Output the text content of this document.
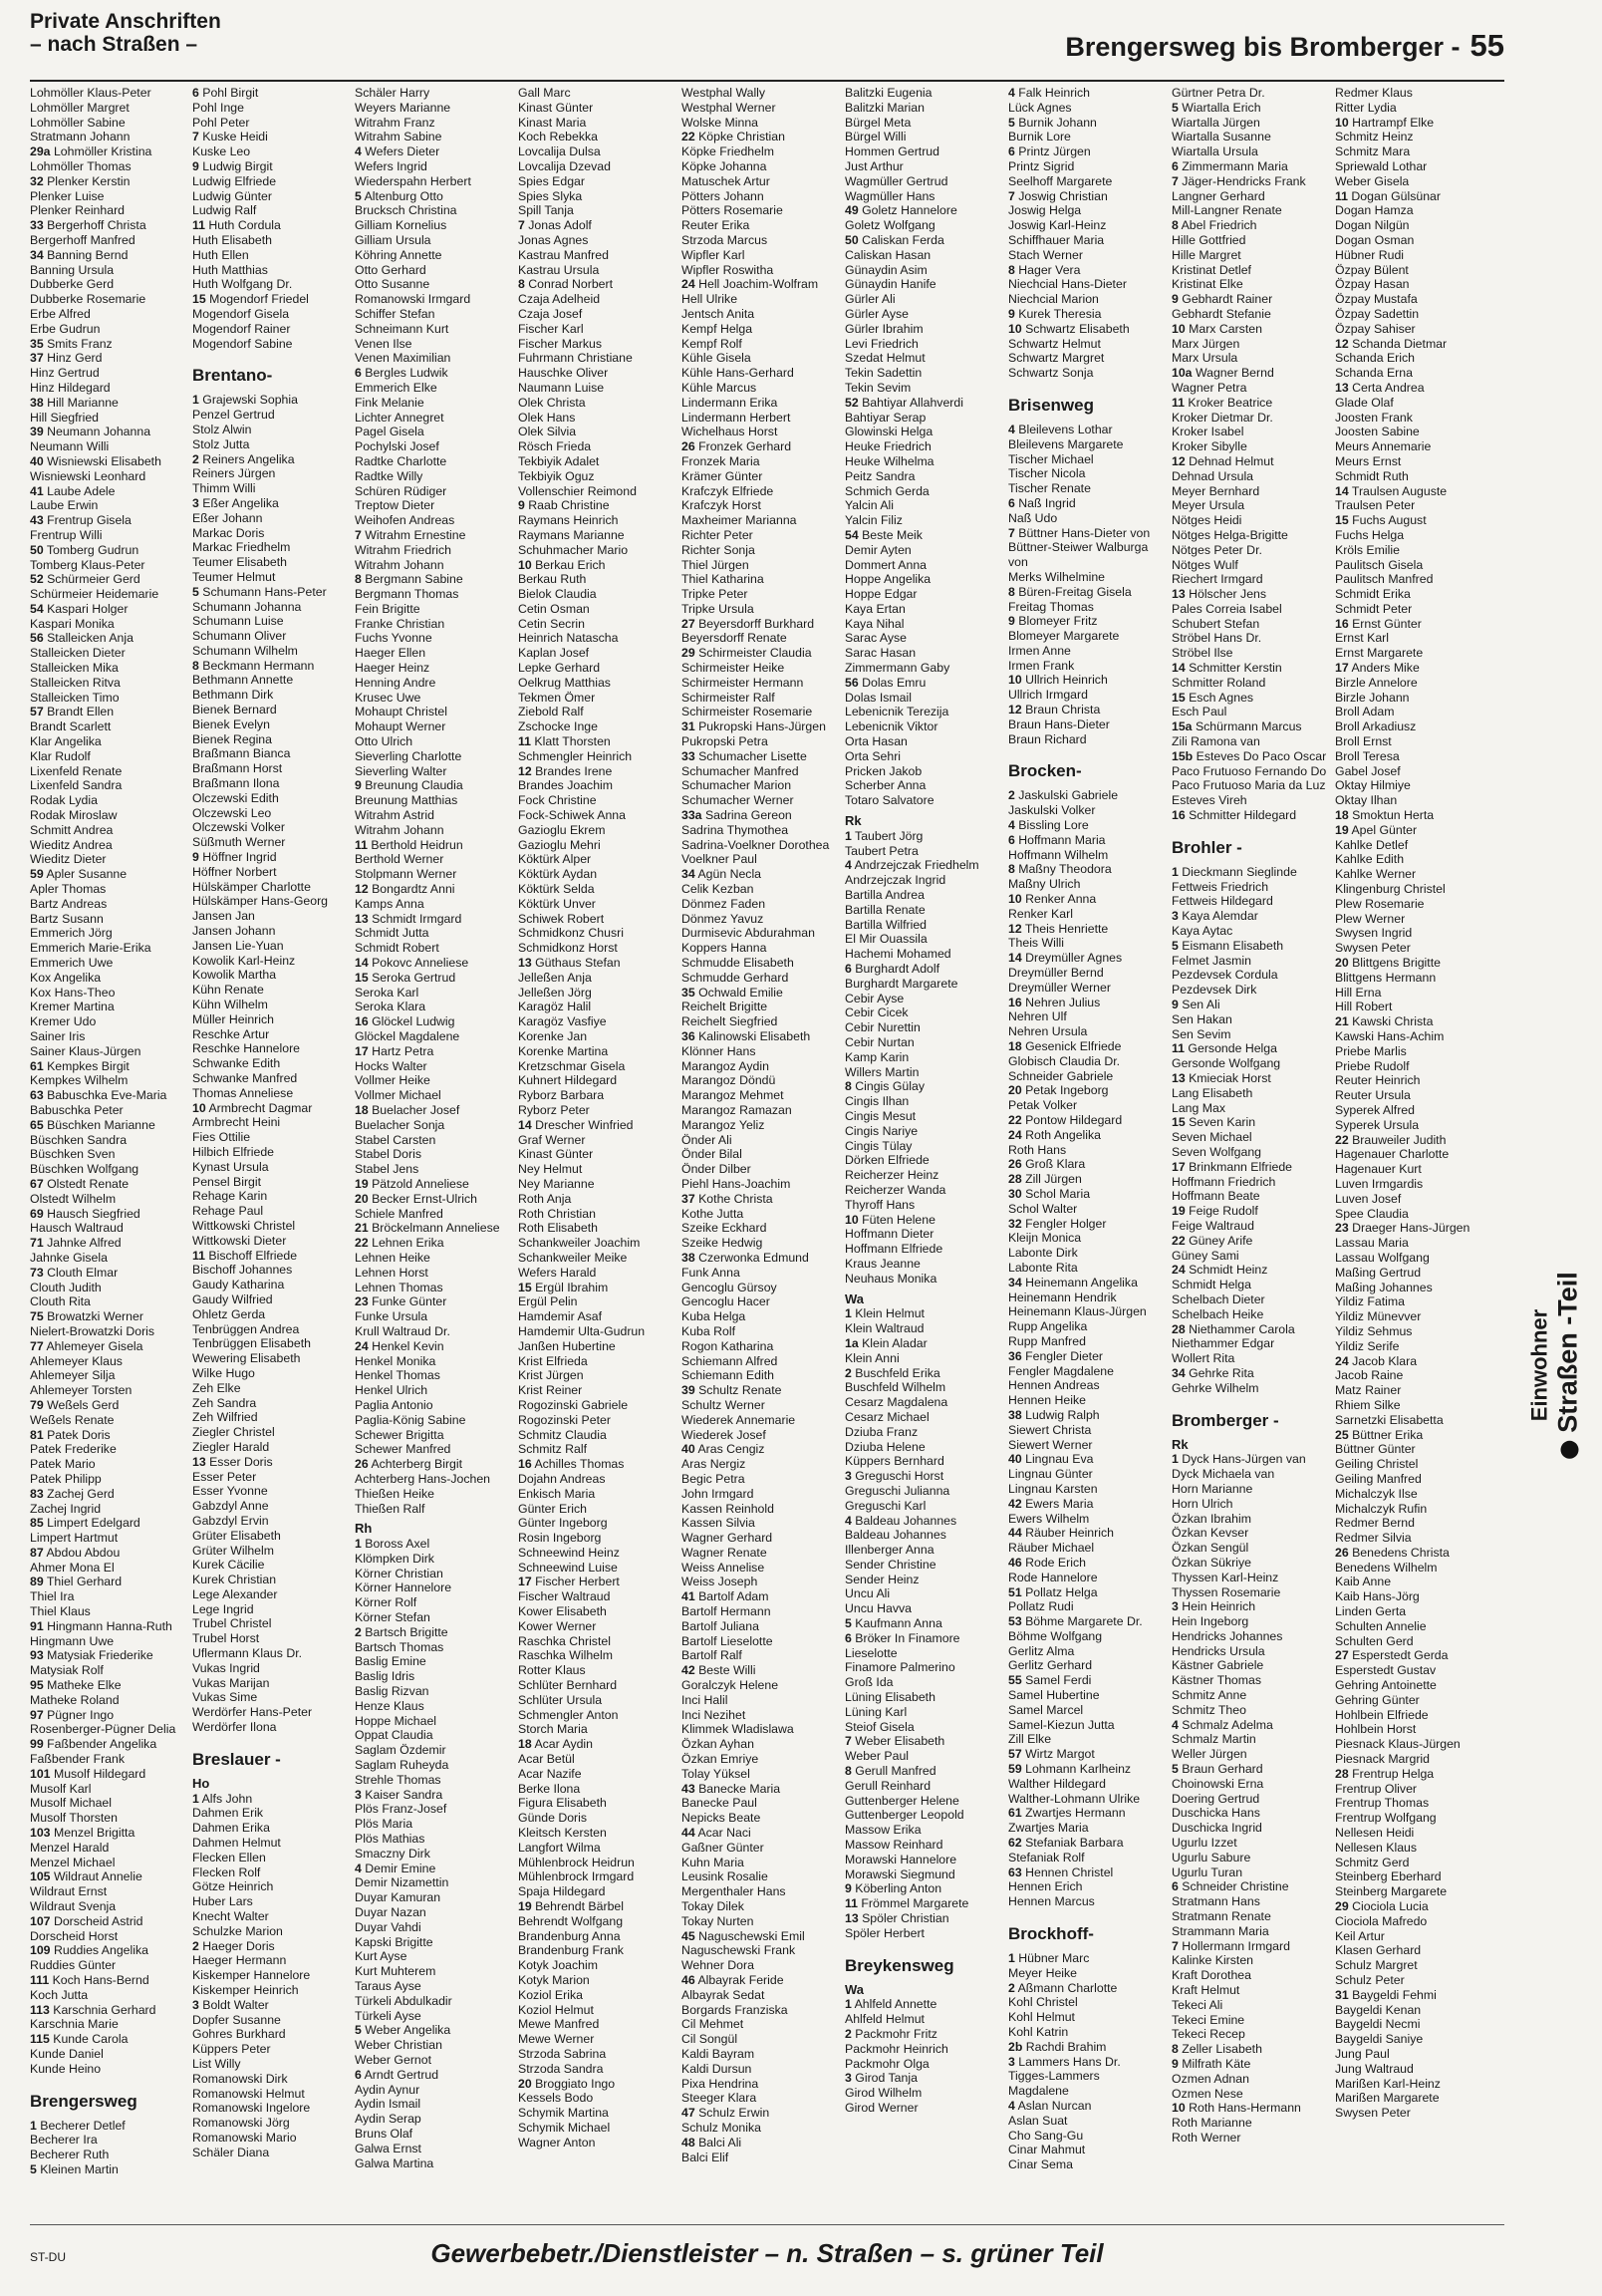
Private Anschriften
– nach Straßen –	Brengersweg bis Bromberger - 55
Lohmöller Klaus-Peter
Lohmöller Margret
Lohmöller Sabine
Stratmann Johann
29a Lohmöller Kristina
Lohmöller Thomas
32 Plenker Kerstin
Plenker Luise
Plenker Reinhard
33 Bergerhoff Christa
Bergerhoff Manfred
34 Banning Bernd
Banning Ursula
Dubberke Gerd
Dubberke Rosemarie
Erbe Alfred
Erbe Gudrun
35 Smits Franz
37 Hinz Gerd
Hinz Gertrud
Hinz Hildegard
38 Hill Marianne
Hill Siegfried
39 Neumann Johanna
Neumann Willi
40 Wisniewski Elisabeth
Wisniewski Leonhard
41 Laube Adele
Laube Erwin
43 Frentrup Gisela
Frentrup Willi
50 Tomberg Gudrun
Tomberg Klaus-Peter
52 Schürmeier Gerd
Schürmeier Heidemarie
54 Kaspari Holger
Kaspari Monika
56 Stalleicken Anja
Stalleicken Dieter
Stalleicken Mika
Stalleicken Ritva
Stalleicken Timo
57 Brandt Ellen
Brandt Scarlett
Klar Angelika
Klar Rudolf
Lixenfeld Renate
Lixenfeld Sandra
Rodak Lydia
Rodak Miroslaw
Schmitt Andrea
Wieditz Andrea
Wieditz Dieter
59 Apler Susanne
Apler Thomas
Bartz Andreas
Bartz Susann
Emmerich Jörg
Emmerich Marie-Erika
Emmerich Uwe
Kox Angelika
Kox Hans-Theo
Kremer Martina
Kremer Udo
Sainer Iris
Sainer Klaus-Jürgen
61 Kempkes Birgit
Kempkes Wilhelm
63 Babuschka Eve-Maria
Babuschka Peter
65 Büschken Marianne
Büschken Sandra
Büschken Sven
Büschken Wolfgang
67 Olstedt Renate
Olstedt Wilhelm
69 Hausch Siegfried
Hausch Waltraud
71 Jahnke Alfred
Jahnke Gisela
73 Clouth Elmar
Clouth Judith
Clouth Rita
75 Browatzki Werner
Nielert-Browatzki Doris
77 Ahlemeyer Gisela
Ahlemeyer Klaus
Ahlemeyer Silja
Ahlemeyer Torsten
79 Weßels Gerd
Weßels Renate
81 Patek Doris
Patek Frederike
Patek Mario
Patek Philipp
83 Zachej Gerd
Zachej Ingrid
85 Limpert Edelgard
Limpert Hartmut
87 Abdou Abdou
Ahmer Mona El
89 Thiel Gerhard
Thiel Ira
Thiel Klaus
91 Hingmann Hanna-Ruth
Hingmann Uwe
93 Matysiak Friederike
Matysiak Rolf
95 Matheke Elke
Matheke Roland
97 Pügner Ingo
Rosenberger-Pügner Delia
99 Faßbender Angelika
Faßbender Frank
101 Musolf Hildegard
Musolf Karl
Musolf Michael
Musolf Thorsten
103 Menzel Brigitta
Menzel Harald
Menzel Michael
105 Wildraut Annelie
Wildraut Ernst
Wildraut Svenja
107 Dorscheid Astrid
Dorscheid Horst
109 Ruddies Angelika
Ruddies Günter
111 Koch Hans-Bernd
Koch Jutta
113 Karschnia Gerhard
Karschnia Marie
115 Kunde Carola
Kunde Daniel
Kunde Heino
Brengersweg
1 Becherer Detlef
Becherer Ira
Becherer Ruth
5 Kleinen Martin
6 Pohl Birgit
Pohl Inge
Pohl Peter
7 Kuske Heidi
Kuske Leo
9 Ludwig Birgit
Ludwig Elfriede
Ludwig Günter
Ludwig Ralf
11 Huth Cordula
Huth Elisabeth
Huth Ellen
Huth Matthias
Huth Wolfgang Dr.
15 Mogendorf Friedel
Mogendorf Gisela
Mogendorf Rainer
Mogendorf Sabine
Brentano-
1 Grajewski Sophia
Penzel Gertrud
Stolz Alwin
Stolz Jutta
2 Reiners Angelika
Reiners Jürgen
Thimm Willi
3 Eßer Angelika
Eßer Johann
Markac Doris
Markac Friedhelm
Teumer Elisabeth
Teumer Helmut
5 Schumann Hans-Peter
Schumann Johanna
Schumann Luise
Schumann Oliver
Schumann Wilhelm
8 Beckmann Hermann
Bethmann Annette
Bethmann Dirk
Bienek Bernard
Bienek Evelyn
Bienek Regina
Braßmann Bianca
Braßmann Horst
Braßmann Ilona
Olczewski Edith
Olczewski Leo
Olczewski Volker
Süßmuth Werner
9 Höffner Ingrid
Höffner Norbert
Hülskämper Charlotte
Hülskämper Hans-Georg
Jansen Jan
Jansen Johann
Jansen Lie-Yuan
Kowolik Karl-Heinz
Kowolik Martha
Kühn Renate
Kühn Wilhelm
Müller Heinrich
Reschke Artur
Reschke Hannelore
Schwanke Edith
Schwanke Manfred
Thomas Anneliese
10 Armbrecht Dagmar
Armbrecht Heini
Fies Ottilie
Hilbich Elfriede
Kynast Ursula
Pensel Birgit
Rehage Karin
Rehage Paul
Wittkowski Christel
Wittkowski Dieter
11 Bischoff Elfriede
Bischoff Johannes
Gaudy Katharina
Gaudy Wilfried
Ohletz Gerda
Tenbrüggen Andrea
Tenbrüggen Elisabeth
Wewering Elisabeth
Wilke Hugo
Zeh Elke
Zeh Sandra
Zeh Wilfried
Ziegler Christel
Ziegler Harald
13 Esser Doris
Esser Peter
Esser Yvonne
Gabzdyl Anne
Gabzdyl Ervin
Grüter Elisabeth
Grüter Wilhelm
Kurek Cäcilie
Kurek Christian
Lege Alexander
Lege Ingrid
Trubel Christel
Trubel Horst
Uflermann Klaus Dr.
Vukas Ingrid
Vukas Marijan
Vukas Sime
Werdörfer Hans-Peter
Werdörfer Ilona
Breslauer -
Ho
1 Alfs John
Dahmen Erik
Dahmen Erika
Dahmen Helmut
Flecken Ellen
Flecken Rolf
Götze Heinrich
Huber Lars
Knecht Walter
Schulzke Marion
2 Haeger Doris
Haeger Hermann
Kiskemper Hannelore
Kiskemper Heinrich
3 Boldt Walter
Dopfer Susanne
Gohres Burkhard
Küppers Peter
List Willy
Romanowski Dirk
Romanowski Helmut
Romanowski Ingelore
Romanowski Jörg
Romanowski Mario
Schäler Diana
Schäler Harry
Weyers Marianne
Witrahm Franz
Witrahm Sabine
4 Wefers Dieter
Wefers Ingrid
Wiederspahn Herbert
5 Altenburg Otto
Brucksch Christina
Gilliam Kornelius
Gilliam Ursula
Köhring Annette
Otto Gerhard
Otto Susanne
Romanowski Irmgard
Schiffer Stefan
Schneimann Kurt
Venen Ilse
Venen Maximilian
6 Bergles Ludwik
Emmerich Elke
Fink Melanie
Lichter Annegret
Pagel Gisela
Pochylski Josef
Radtke Charlotte
Radtke Willy
Schüren Rüdiger
Treptow Dieter
Weihofen Andreas
7 Witrahm Ernestine
Witrahm Friedrich
Witrahm Johann
8 Bergmann Sabine
Bergmann Thomas
Fein Brigitte
Franke Christian
Fuchs Yvonne
Haeger Ellen
Haeger Heinz
Henning Andre
Krusec Uwe
Mohaupt Christel
Mohaupt Werner
Otto Ulrich
Sieverling Charlotte
Sieverling Walter
9 Breunung Claudia
Breunung Matthias
Witrahm Astrid
Witrahm Johann
11 Berthold Heidrun
Berthold Werner
Stolpmann Werner
12 Bongardtz Anni
Kamps Anna
13 Schmidt Irmgard
Schmidt Jutta
Schmidt Robert
14 Pokovc Anneliese
15 Seroka Gertrud
Seroka Karl
Seroka Klara
16 Glöckel Ludwig
Glöckel Magdalene
17 Hartz Petra
Hocks Walter
Vollmer Heike
Vollmer Michael
18 Buelacher Josef
Buelacher Sonja
Stabel Carsten
Stabel Doris
Stabel Jens
19 Pätzold Anneliese
20 Becker Ernst-Ulrich
Schiele Manfred
21 Bröckelmann Anneliese
22 Lehnen Erika
Lehnen Heike
Lehnen Horst
Lehnen Thomas
23 Funke Günter
Funke Ursula
Krull Waltraud Dr.
24 Henkel Kevin
Henkel Monika
Henkel Thomas
Henkel Ulrich
Paglia Antonio
Paglia-König Sabine
Schewer Brigitta
Schewer Manfred
26 Achterberg Birgit
Achterberg Hans-Jochen
Thießen Heike
Thießen Ralf
Rh
1 Boross Axel
Klömpken Dirk
Körner Christian
Körner Hannelore
Körner Rolf
Körner Stefan
2 Bartsch Brigitte
Bartsch Thomas
Baslig Emine
Baslig Idris
Baslig Rizvan
Henze Klaus
Hoppe Michael
Oppat Claudia
Saglam Özdemir
Saglam Ruheyda
Strehle Thomas
3 Kaiser Sandra
Plös Franz-Josef
Plös Maria
Plös Mathias
Smaczny Dirk
4 Demir Emine
Demir Nizamettin
Duyar Kamuran
Duyar Nazan
Duyar Vahdi
Kapski Brigitte
Kurt Ayse
Kurt Muhterem
Taraus Ayse
Türkeli Abdulkadir
Türkeli Ayse
5 Weber Angelika
Weber Christian
Weber Gernot
6 Arndt Gertrud
Aydin Aynur
Aydin Ismail
Aydin Serap
Bruns Olaf
Galwa Ernst
Galwa Martina
Gall Marc
Kinast Günter
Kinast Maria
Koch Rebekka
Lovcalija Dulsa
Lovcalija Dzevad
Spies Edgar
Spies Slyka
Spill Tanja
7 Jonas Adolf
Jonas Agnes
Kastrau Manfred
Kastrau Ursula
8 Conrad Norbert
Czaja Adelheid
Czaja Josef
Fischer Karl
Fischer Markus
Fuhrmann Christiane
Hauschke Oliver
Naumann Luise
Olek Christa
Olek Hans
Olek Silvia
Rösch Frieda
Tekbiyik Adalet
Tekbiyik Oguz
Vollenschier Reimond
9 Raab Christine
Raymans Heinrich
Raymans Marianne
Schuhmacher Mario
10 Berkau Erich
Berkau Ruth
Bielok Claudia
Cetin Osman
Cetin Secrin
Heinrich Natascha
Kaplan Josef
Lepke Gerhard
Oelkrug Matthias
Tekmen Ömer
Ziebold Ralf
Zschocke Inge
11 Klatt Thorsten
Schmengler Heinrich
12 Brandes Irene
Brandes Joachim
Fock Christine
Fock-Schiwek Anna
Gazioglu Ekrem
Gazioglu Mehri
Köktürk Alper
Köktürk Aydan
Köktürk Selda
Köktürk Unver
Schiwek Robert
Schmidkonz Chusri
Schmidkonz Horst
13 Güthaus Stefan
Jelleßen Anja
Jelleßen Jörg
Karagöz Halil
Karagöz Vasfiye
Korenke Jan
Korenke Martina
Kretzschmar Gisela
Kuhnert Hildegard
Ryborz Barbara
Ryborz Peter
14 Drescher Winfried
Graf Werner
Kinast Günter
Ney Helmut
Ney Marianne
Roth Anja
Roth Christian
Roth Elisabeth
Schankweiler Joachim
Schankweiler Meike
Wefers Harald
15 Ergül Ibrahim
Ergül Pelin
Hamdemir Asaf
Hamdemir Ulta-Gudrun
Janßen Hubertine
Krist Elfrieda
Krist Jürgen
Krist Reiner
Rogozinski Gabriele
Rogozinski Peter
Schmitz Claudia
Schmitz Ralf
16 Achilles Thomas
Dojahn Andreas
Enkisch Maria
Günter Erich
Günter Ingeborg
Rosin Ingeborg
Schneewind Heinz
Schneewind Luise
17 Fischer Herbert
Fischer Waltraud
Kower Elisabeth
Kower Werner
Raschka Christel
Raschka Wilhelm
Rotter Klaus
Schlüter Bernhard
Schlüter Ursula
Schmengler Anton
Storch Maria
18 Acar Aydin
Acar Betül
Acar Nazife
Berke Ilona
Figura Elisabeth
Günde Doris
Kleitsch Kersten
Langfort Wilma
Mühlenbrock Heidrun
Mühlenbrock Irmgard
Spaja Hildegard
19 Behrendt Bärbel
Behrendt Wolfgang
Brandenburg Anna
Brandenburg Frank
Kotyk Joachim
Kotyk Marion
Koziol Erika
Koziol Helmut
Mewe Manfred
Mewe Werner
Strzoda Sabrina
Strzoda Sandra
20 Broggiato Ingo
Kessels Bodo
Schymik Martina
Schymik Michael
Wagner Anton
Westphal Wally
Westphal Werner
Wolske Minna
22 Köpke Christian
Köpke Friedhelm
Köpke Johanna
Matuschek Artur
Pötters Johann
Pötters Rosemarie
Reuter Erika
Strzoda Marcus
Wipfler Karl
Wipfler Roswitha
24 Hell Joachim-Wolfram
Hell Ulrike
Jentsch Anita
Kempf Helga
Kempf Rolf
Kühle Gisela
Kühle Hans-Gerhard
Kühle Marcus
Lindermann Erika
Lindermann Herbert
Wichelhaus Horst
26 Fronzek Gerhard
Fronzek Maria
Krämer Günter
Krafczyk Elfriede
Krafczyk Horst
Maxheimer Marianna
Richter Peter
Richter Sonja
Thiel Jürgen
Thiel Katharina
Tripke Peter
Tripke Ursula
27 Beyersdorff Burkhard
Beyersdorff Renate
29 Schirmeister Claudia
Schirmeister Heike
Schirmeister Hermann
Schirmeister Ralf
Schirmeister Rosemarie
31 Pukropski Hans-Jürgen
Pukropski Petra
33 Schumacher Lisette
Schumacher Manfred
Schumacher Marion
Schumacher Werner
33a Sadrina Gereon
Sadrina Thymothea
Sadrina-Voelkner Dorothea
Voelkner Paul
34 Agün Necla
Celik Kezban
Dönmez Faden
Dönmez Yavuz
Durmisevic Abdurahman
Koppers Hanna
Schmudde Elisabeth
Schmudde Gerhard
35 Ochwald Emilie
Reichelt Brigitte
Reichelt Siegfried
36 Kalinowski Elisabeth
Klönner Hans
Marangoz Aydin
Marangoz Döndü
Marangoz Mehmet
Marangoz Ramazan
Marangoz Yeliz
Önder Ali
Önder Bilal
Önder Dilber
Piehl Hans-Joachim
37 Kothe Christa
Kothe Jutta
Szeike Eckhard
Szeike Hedwig
38 Czerwonka Edmund
Funk Anna
Gencoglu Gürsoy
Gencoglu Hacer
Kuba Helga
Kuba Rolf
Rogon Katharina
Schiemann Alfred
Schiemann Edith
39 Schultz Renate
Schultz Werner
Wiederek Annemarie
Wiederek Josef
40 Aras Cengiz
Aras Nergiz
Begic Petra
John Irmgard
Kassen Reinhold
Kassen Silvia
Wagner Gerhard
Wagner Renate
Weiss Annelise
Weiss Joseph
41 Bartolf Adam
Bartolf Hermann
Bartolf Juliana
Bartolf Lieselotte
Bartolf Ralf
42 Beste Willi
Goralczyk Helene
Inci Halil
Inci Nezihet
Klimmek Wladislawa
Özkan Ayhan
Özkan Emriye
Tolay Yüksel
43 Banecke Maria
Banecke Paul
Nepicks Beate
44 Acar Naci
Gaßner Günter
Kuhn Maria
Leusink Rosalie
Mergenthaler Hans
Tokay Dilek
Tokay Nurten
45 Naguschewski Emil
Naguschewski Frank
Wehner Dora
46 Albayrak Feride
Albayrak Sedat
Borgards Franziska
Cil Mehmet
Cil Songül
Kaldi Bayram
Kaldi Dursun
Pixa Hendrina
Steeger Klara
47 Schulz Erwin
Schulz Monika
48 Balci Ali
Balci Elif
Balitzki Eugenia
Balitzki Marian
Bürgel Meta
Bürgel Willi
Hommen Gertrud
Just Arthur
Wagmüller Gertrud
Wagmüller Hans
49 Goletz Hannelore
Goletz Wolfgang
50 Caliskan Ferda
Caliskan Hasan
Günaydin Asim
Günaydin Hanife
Gürler Ali
Gürler Ayse
Gürler Ibrahim
Levi Friedrich
Szedat Helmut
Tekin Sadettin
Tekin Sevim
52 Bahtiyar Allahverdi
Bahtiyar Serap
Glowinski Helga
Heuke Friedrich
Heuke Wilhelma
Peitz Sandra
Schmich Gerda
Yalcin Ali
Yalcin Filiz
54 Beste Meik
Demir Ayten
Dommert Anna
Hoppe Angelika
Hoppe Edgar
Kaya Ertan
Kaya Nihal
Sarac Ayse
Sarac Hasan
Zimmermann Gaby
56 Dolas Emru
Dolas Ismail
Lebenicnik Terezija
Lebenicnik Viktor
Orta Hasan
Orta Sehri
Pricken Jakob
Scherber Anna
Totaro Salvatore
Rk
1 Taubert Jörg
Taubert Petra
4 Andrzejczak Friedhelm
Andrzejczak Ingrid
Bartilla Andrea
Bartilla Renate
Bartilla Wilfried
El Mir Ouassila
Hachemi Mohamed
6 Burghardt Adolf
Burghardt Margarete
Cebir Ayse
Cebir Cicek
Cebir Nurettin
Cebir Nurtan
Kamp Karin
Willers Martin
8 Cingis Gülay
Cingis Ilhan
Cingis Mesut
Cingis Nariye
Cingis Tülay
Dörken Elfriede
Reicherzer Heinz
Reicherzer Wanda
Thyroff Hans
10 Füten Helene
Hoffmann Dieter
Hoffmann Elfriede
Kraus Jeanne
Neuhaus Monika
Wa
1 Klein Helmut
Klein Waltraud
1a Klein Aladar
Klein Anni
2 Buschfeld Erika
Buschfeld Wilhelm
Cesarz Magdalena
Cesarz Michael
Dziuba Franz
Dziuba Helene
Küppers Bernhard
3 Greguschi Horst
Greguschi Julianna
Greguschi Karl
4 Baldeau Johannes
Baldeau Johannes
Illenberger Anna
Sender Christine
Sender Heinz
Uncu Ali
Uncu Havva
5 Kaufmann Anna
6 Bröker In Finamore
Lieselotte
Finamore Palmerino
Groß Ida
Lüning Elisabeth
Lüning Karl
Steiof Gisela
7 Weber Elisabeth
Weber Paul
8 Gerull Manfred
Gerull Reinhard
Guttenberger Helene
Guttenberger Leopold
Massow Erika
Massow Reinhard
Morawski Hannelore
Morawski Siegmund
9 Köberling Anton
11 Frömmel Margarete
13 Spöler Christian
Spöler Herbert
Breykensweg
Wa
1 Ahlfeld Annette
Ahlfeld Helmut
2 Packmohr Fritz
Packmohr Heinrich
Packmohr Olga
3 Girod Tanja
Girod Wilhelm
Girod Werner
4 Falk Heinrich
Lück Agnes
5 Burnik Johann
Burnik Lore
6 Printz Jürgen
Printz Sigrid
Seelhoff Margarete
7 Joswig Christian
Joswig Helga
Joswig Karl-Heinz
Schiffhauer Maria
Stach Werner
8 Hager Vera
Niechcial Hans-Dieter
Niechcial Marion
9 Kurek Theresia
10 Schwartz Elisabeth
Schwartz Helmut
Schwartz Margret
Schwartz Sonja
Brisenweg
4 Bleilevens Lothar
Bleilevens Margarete
Tischer Michael
Tischer Nicola
Tischer Renate
6 Naß Ingrid
Naß Udo
7 Büttner Hans-Dieter von
Büttner-Steiwer Walburga
von
Merks Wilhelmine
8 Büren-Freitag Gisela
Freitag Thomas
9 Blomeyer Fritz
Blomeyer Margarete
Irmen Anne
Irmen Frank
10 Ullrich Heinrich
Ullrich Irmgard
12 Braun Christa
Braun Hans-Dieter
Braun Richard
Brocken-
2 Jaskulski Gabriele
Jaskulski Volker
4 Bissling Lore
6 Hoffmann Maria
Hoffmann Wilhelm
8 Maßny Theodora
Maßny Ulrich
10 Renker Anna
Renker Karl
12 Theis Henriette
Theis Willi
14 Dreymüller Agnes
Dreymüller Bernd
Dreymüller Werner
16 Nehren Julius
Nehren Ulf
Nehren Ursula
18 Gesenick Elfriede
Globisch Claudia Dr.
Schneider Gabriele
20 Petak Ingeborg
Petak Volker
22 Pontow Hildegard
24 Roth Angelika
Roth Hans
26 Groß Klara
28 Zill Jürgen
30 Schol Maria
Schol Walter
32 Fengler Holger
Kleijn Monica
Labonte Dirk
Labonte Rita
34 Heinemann Angelika
Heinemann Hendrik
Heinemann Klaus-Jürgen
Rupp Angelika
Rupp Manfred
36 Fengler Dieter
Fengler Magdalene
Hennen Andreas
Hennen Heike
38 Ludwig Ralph
Siewert Christa
Siewert Werner
40 Lingnau Eva
Lingnau Günter
Lingnau Karsten
42 Ewers Maria
Ewers Wilhelm
44 Räuber Heinrich
Räuber Michael
46 Rode Erich
Rode Hannelore
51 Pollatz Helga
Pollatz Rudi
53 Böhme Margarete Dr.
Böhme Wolfgang
Gerlitz Alma
Gerlitz Gerhard
55 Samel Ferdi
Samel Hubertine
Samel Marcel
Samel-Kiezun Jutta
Zill Elke
57 Wirtz Margot
59 Lohmann Karlheinz
Walther Hildegard
Walther-Lohmann Ulrike
61 Zwartjes Hermann
Zwartjes Maria
62 Stefaniak Barbara
Stefaniak Rolf
63 Hennen Christel
Hennen Erich
Hennen Marcus
Brockhoff-
1 Hübner Marc
Meyer Heike
2 Aßmann Charlotte
Kohl Christel
Kohl Helmut
Kohl Katrin
2b Rachdi Brahim
3 Lammers Hans Dr.
Tigges-Lammers
Magdalene
4 Aslan Nurcan
Aslan Suat
Cho Sang-Gu
Cinar Mahmut
Cinar Sema
Gürtner Petra Dr.
5 Wiartalla Erich
Wiartalla Jürgen
Wiartalla Susanne
Wiartalla Ursula
6 Zimmermann Maria
7 Jäger-Hendricks Frank
Langner Gerhard
Mill-Langner Renate
8 Abel Friedrich
Hille Gottfried
Hille Margret
Kristinat Detlef
Kristinat Elke
9 Gebhardt Rainer
Gebhardt Stefanie
10 Marx Carsten
Marx Jürgen
Marx Ursula
10a Wagner Bernd
Wagner Petra
11 Kroker Beatrice
Kroker Dietmar Dr.
Kroker Isabel
Kroker Sibylle
12 Dehnad Helmut
Dehnad Ursula
Meyer Bernhard
Meyer Ursula
Nötges Heidi
Nötges Helga-Brigitte
Nötges Peter Dr.
Nötges Wulf
Riechert Irmgard
13 Hölscher Jens
Pales Correia Isabel
Schubert Stefan
Ströbel Hans Dr.
Ströbel Ilse
14 Schmitter Kerstin
Schmitter Roland
15 Esch Agnes
Esch Paul
15a Schürmann Marcus
Zili Ramona van
15b Esteves Do Paco Oscar
Paco Frutuoso Fernando Do
Paco Frutuoso Maria da Luz
Esteves Vireh
16 Schmitter Hildegard
Brohler -
1 Dieckmann Sieglinde
Fettweis Friedrich
Fettweis Hildegard
3 Kaya Alemdar
Kaya Aytac
5 Eismann Elisabeth
Felmet Jasmin
Pezdevsek Cordula
Pezdevsek Dirk
9 Sen Ali
Sen Hakan
Sen Sevim
11 Gersonde Helga
Gersonde Wolfgang
13 Kmieciak Horst
Lang Elisabeth
Lang Max
15 Seven Karin
Seven Michael
Seven Wolfgang
17 Brinkmann Elfriede
Hoffmann Friedrich
Hoffmann Beate
19 Feige Rudolf
Feige Waltraud
22 Güney Arife
Güney Sami
24 Schmidt Heinz
Schmidt Helga
Schelbach Dieter
Schelbach Heike
28 Niethammer Carola
Niethammer Edgar
Wollert Rita
34 Gehrke Rita
Gehrke Wilhelm
Bromberger -
Rk
1 Dyck Hans-Jürgen van
Dyck Michaela van
Horn Marianne
Horn Ulrich
Özkan Ibrahim
Özkan Kevser
Özkan Sengül
Özkan Sükriye
Thyssen Karl-Heinz
Thyssen Rosemarie
3 Hein Heinrich
Hein Ingeborg
Hendricks Johannes
Hendricks Ursula
Kästner Gabriele
Kästner Thomas
Schmitz Anne
Schmitz Theo
4 Schmalz Adelma
Schmalz Martin
Weller Jürgen
5 Braun Gerhard
Choinowski Erna
Doering Gertrud
Duschicka Hans
Duschicka Ingrid
Ugurlu Izzet
Ugurlu Sabure
Ugurlu Turan
6 Schneider Christine
Stratmann Hans
Stratmann Renate
Strammann Maria
7 Hollermann Irmgard
Kalinke Kirsten
Kraft Dorothea
Kraft Helmut
Tekeci Ali
Tekeci Emine
Tekeci Recep
8 Zeller Lisabeth
9 Milfrath Käte
Ozmen Adnan
Ozmen Nese
10 Roth Hans-Hermann
Roth Marianne
Roth Werner
Redmer Klaus
Ritter Lydia
10 Hartrampf Elke
Schmitz Heinz
Schmitz Mara
Spriewald Lothar
Weber Gisela
11 Dogan Gülsünar
Dogan Hamza
Dogan Nilgün
Dogan Osman
Hübner Rudi
Özpay Bülent
Özpay Hasan
Özpay Mustafa
Özpay Sadettin
Özpay Sahiser
12 Schanda Dietmar
Schanda Erich
Schanda Erna
13 Certa Andrea
Glade Olaf
Joosten Frank
Joosten Sabine
Meurs Annemarie
Meurs Ernst
Schmidt Ruth
14 Traulsen Auguste
Traulsen Peter
15 Fuchs August
Fuchs Helga
Kröls Emilie
Paulitsch Gisela
Paulitsch Manfred
Schmidt Erika
Schmidt Peter
16 Ernst Günter
Ernst Karl
Ernst Margarete
17 Anders Mike
Birzle Annelore
Birzle Johann
Broll Adam
Broll Arkadiusz
Broll Ernst
Broll Teresa
Gabel Josef
Oktay Hilmiye
Oktay Ilhan
18 Smoktun Herta
19 Apel Günter
Kahlke Detlef
Kahlke Edith
Kahlke Werner
Klingenburg Christel
Plew Rosemarie
Plew Werner
Swysen Ingrid
Swysen Peter
20 Blittgens Brigitte
Blittgens Hermann
Hill Erna
Hill Robert
21 Kawski Christa
Kawski Hans-Achim
Priebe Marlis
Priebe Rudolf
Reuter Heinrich
Reuter Ursula
Syperek Alfred
Syperek Ursula
22 Brauweiler Judith
Hagenauer Charlotte
Hagenauer Kurt
Luven Irmgardis
Luven Josef
Spee Claudia
23 Draeger Hans-Jürgen
Lassau Maria
Lassau Wolfgang
Maßing Gertrud
Maßing Johannes
Yildiz Fatima
Yildiz Münevver
Yildiz Sehmus
Yildiz Serife
24 Jacob Klara
Jacob Raine
Matz Rainer
Rhiem Silke
Sarnetzki Elisabetta
25 Büttner Erika
Büttner Günter
Geiling Christel
Geiling Manfred
Michalczyk Ilse
Michalczyk Rufin
Redmer Bernd
Redmer Silvia
26 Benedens Christa
Benedens Wilhelm
Kaib Anne
Kaib Hans-Jörg
Linden Gerta
Schulten Annelie
Schulten Gerd
27 Esperstedt Gerda
Esperstedt Gustav
Gehring Antoinette
Gehring Günter
Hohlbein Elfriede
Hohlbein Horst
Piesnack Klaus-Jürgen
Piesnack Margrid
28 Frentrup Helga
Frentrup Oliver
Frentrup Thomas
Frentrup Wolfgang
Nellesen Heidi
Nellesen Klaus
Schmitz Gerd
Steinberg Eberhard
Steinberg Margarete
29 Ciociola Lucia
Ciociola Mafredo
Keil Artur
Klasen Gerhard
Schulz Margret
Schulz Peter
31 Baygeldi Fehmi
Baygeldi Kenan
Baygeldi Necmi
Baygeldi Saniye
Jung Paul
Jung Waltraud
Marißen Karl-Heinz
Marißen Margarete
Swysen Peter
Einwohner Straßen -Teil
ST-DU	Gewerbebetr./Dienstleister – n. Straßen – s. grüner Teil
